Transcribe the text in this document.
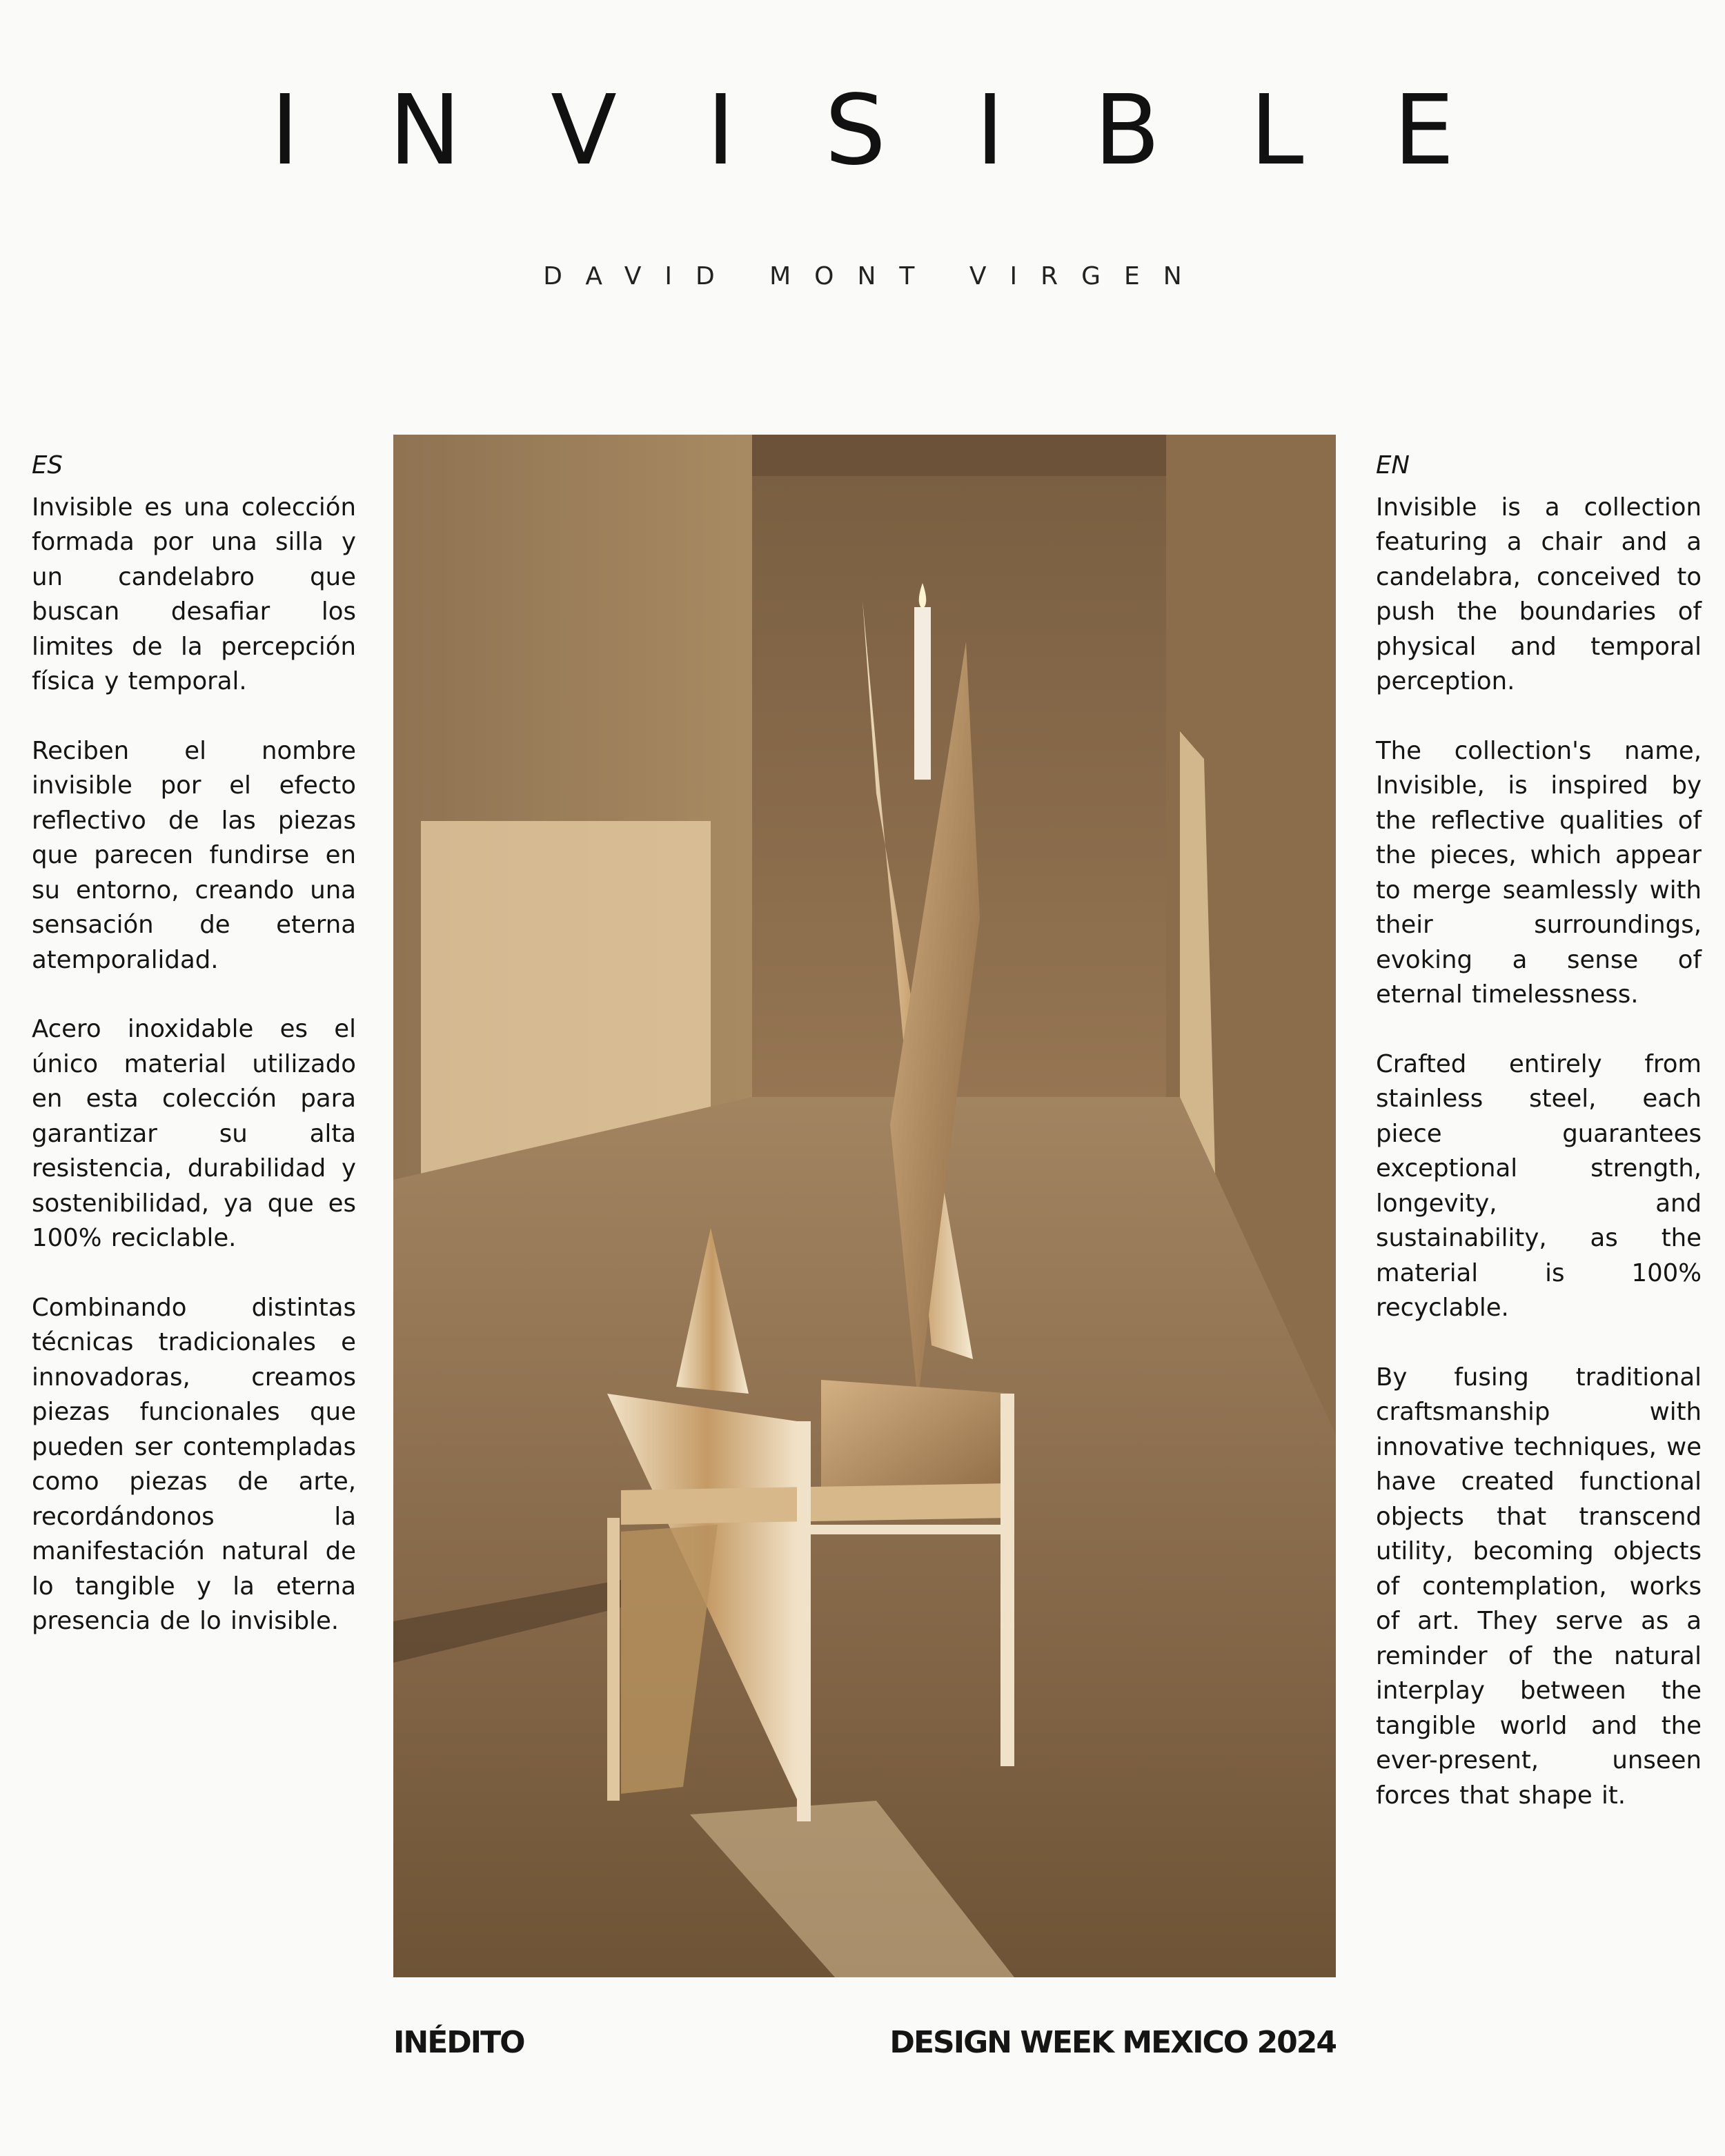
INVISIBLE
DAVID MONT VIRGEN
ES

Invisible es una colección formada por una silla y un candelabro que buscan desafiar los limites de la percepción física y temporal.

Reciben el nombre invisible por el efecto reflectivo de las piezas que parecen fundirse en su entorno, creando una sensación de eterna atemporalidad.

Acero inoxidable es el único material utilizado en esta colección para garantizar su alta resistencia, durabilidad y sostenibilidad, ya que es 100% reciclable.

Combinando distintas técnicas tradicionales e innovadoras, creamos piezas funcionales que pueden ser contempladas como piezas de arte, recordándonos la manifestación natural de lo tangible y la eterna presencia de lo invisible.

EN

Invisible is a collection featuring a chair and a candelabra, conceived to push the boundaries of physical and temporal perception.

The collection's name, Invisible, is inspired by the reflective qualities of the pieces, which appear to merge seamlessly with their surroundings, evoking a sense of eternal timelessness.

Crafted entirely from stainless steel, each piece guarantees exceptional strength, longevity, and sustainability, as the material is 100% recyclable.

By fusing traditional craftsmanship with innovative techniques, we have created functional objects that transcend utility, becoming objects of contemplation, works of art. They serve as a reminder of the natural interplay between the tangible world and the ever-present, unseen forces that shape it.

INÉDITO	DESIGN WEEK MEXICO 2024
